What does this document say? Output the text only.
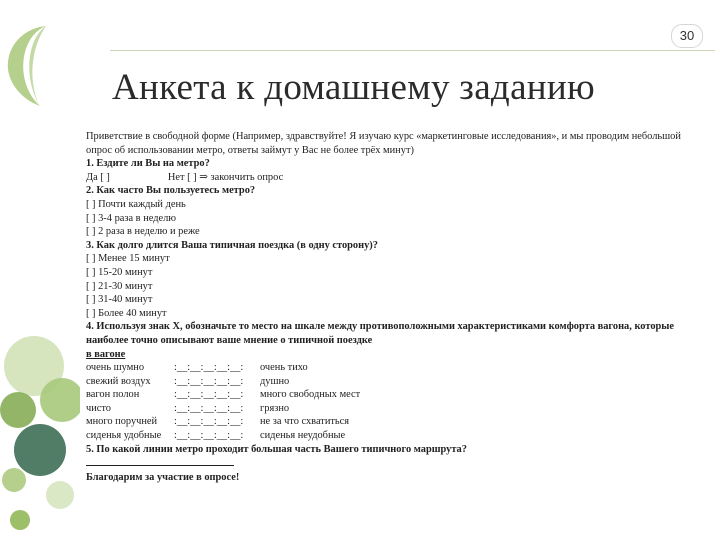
30
Анкета к домашнему заданию
Приветствие в свободной форме (Например, здравствуйте! Я изучаю курс «маркетинговые исследования», и мы проводим небольшой опрос об использовании метро, ответы займут у Вас не более трёх минут)
1. Ездите ли Вы на метро?
Да [ ]	Нет [ ] ⇒ закончить опрос
2. Как часто Вы пользуетесь метро?
[ ] Почти каждый день
[ ] 3-4 раза в неделю
[ ] 2 раза в неделю и реже
3. Как долго длится Ваша типичная поездка (в одну сторону)?
[ ] Менее 15 минут
[ ] 15-20 минут
[ ] 21-30 минут
[ ] 31-40 минут
[ ] Более 40 минут
4. Используя знак Х, обозначьте то место на шкале между противоположными характеристиками комфорта вагона, которые наиболее точно описывают ваше мнение о типичной поездке
в вагоне
очень шумно	:__:__:__:__:__:	очень тихо
свежий воздух	:__:__:__:__:__:	душно
вагон полон	:__:__:__:__:__:	много свободных мест
чисто	:__:__:__:__:__:	грязно
много поручней	:__:__:__:__:__:	не за что схватиться
сиденья удобные	:__:__:__:__:__:	сиденья неудобные
5. По какой линии метро проходит большая часть Вашего типичного маршрута?
Благодарим за участие в опросе!
